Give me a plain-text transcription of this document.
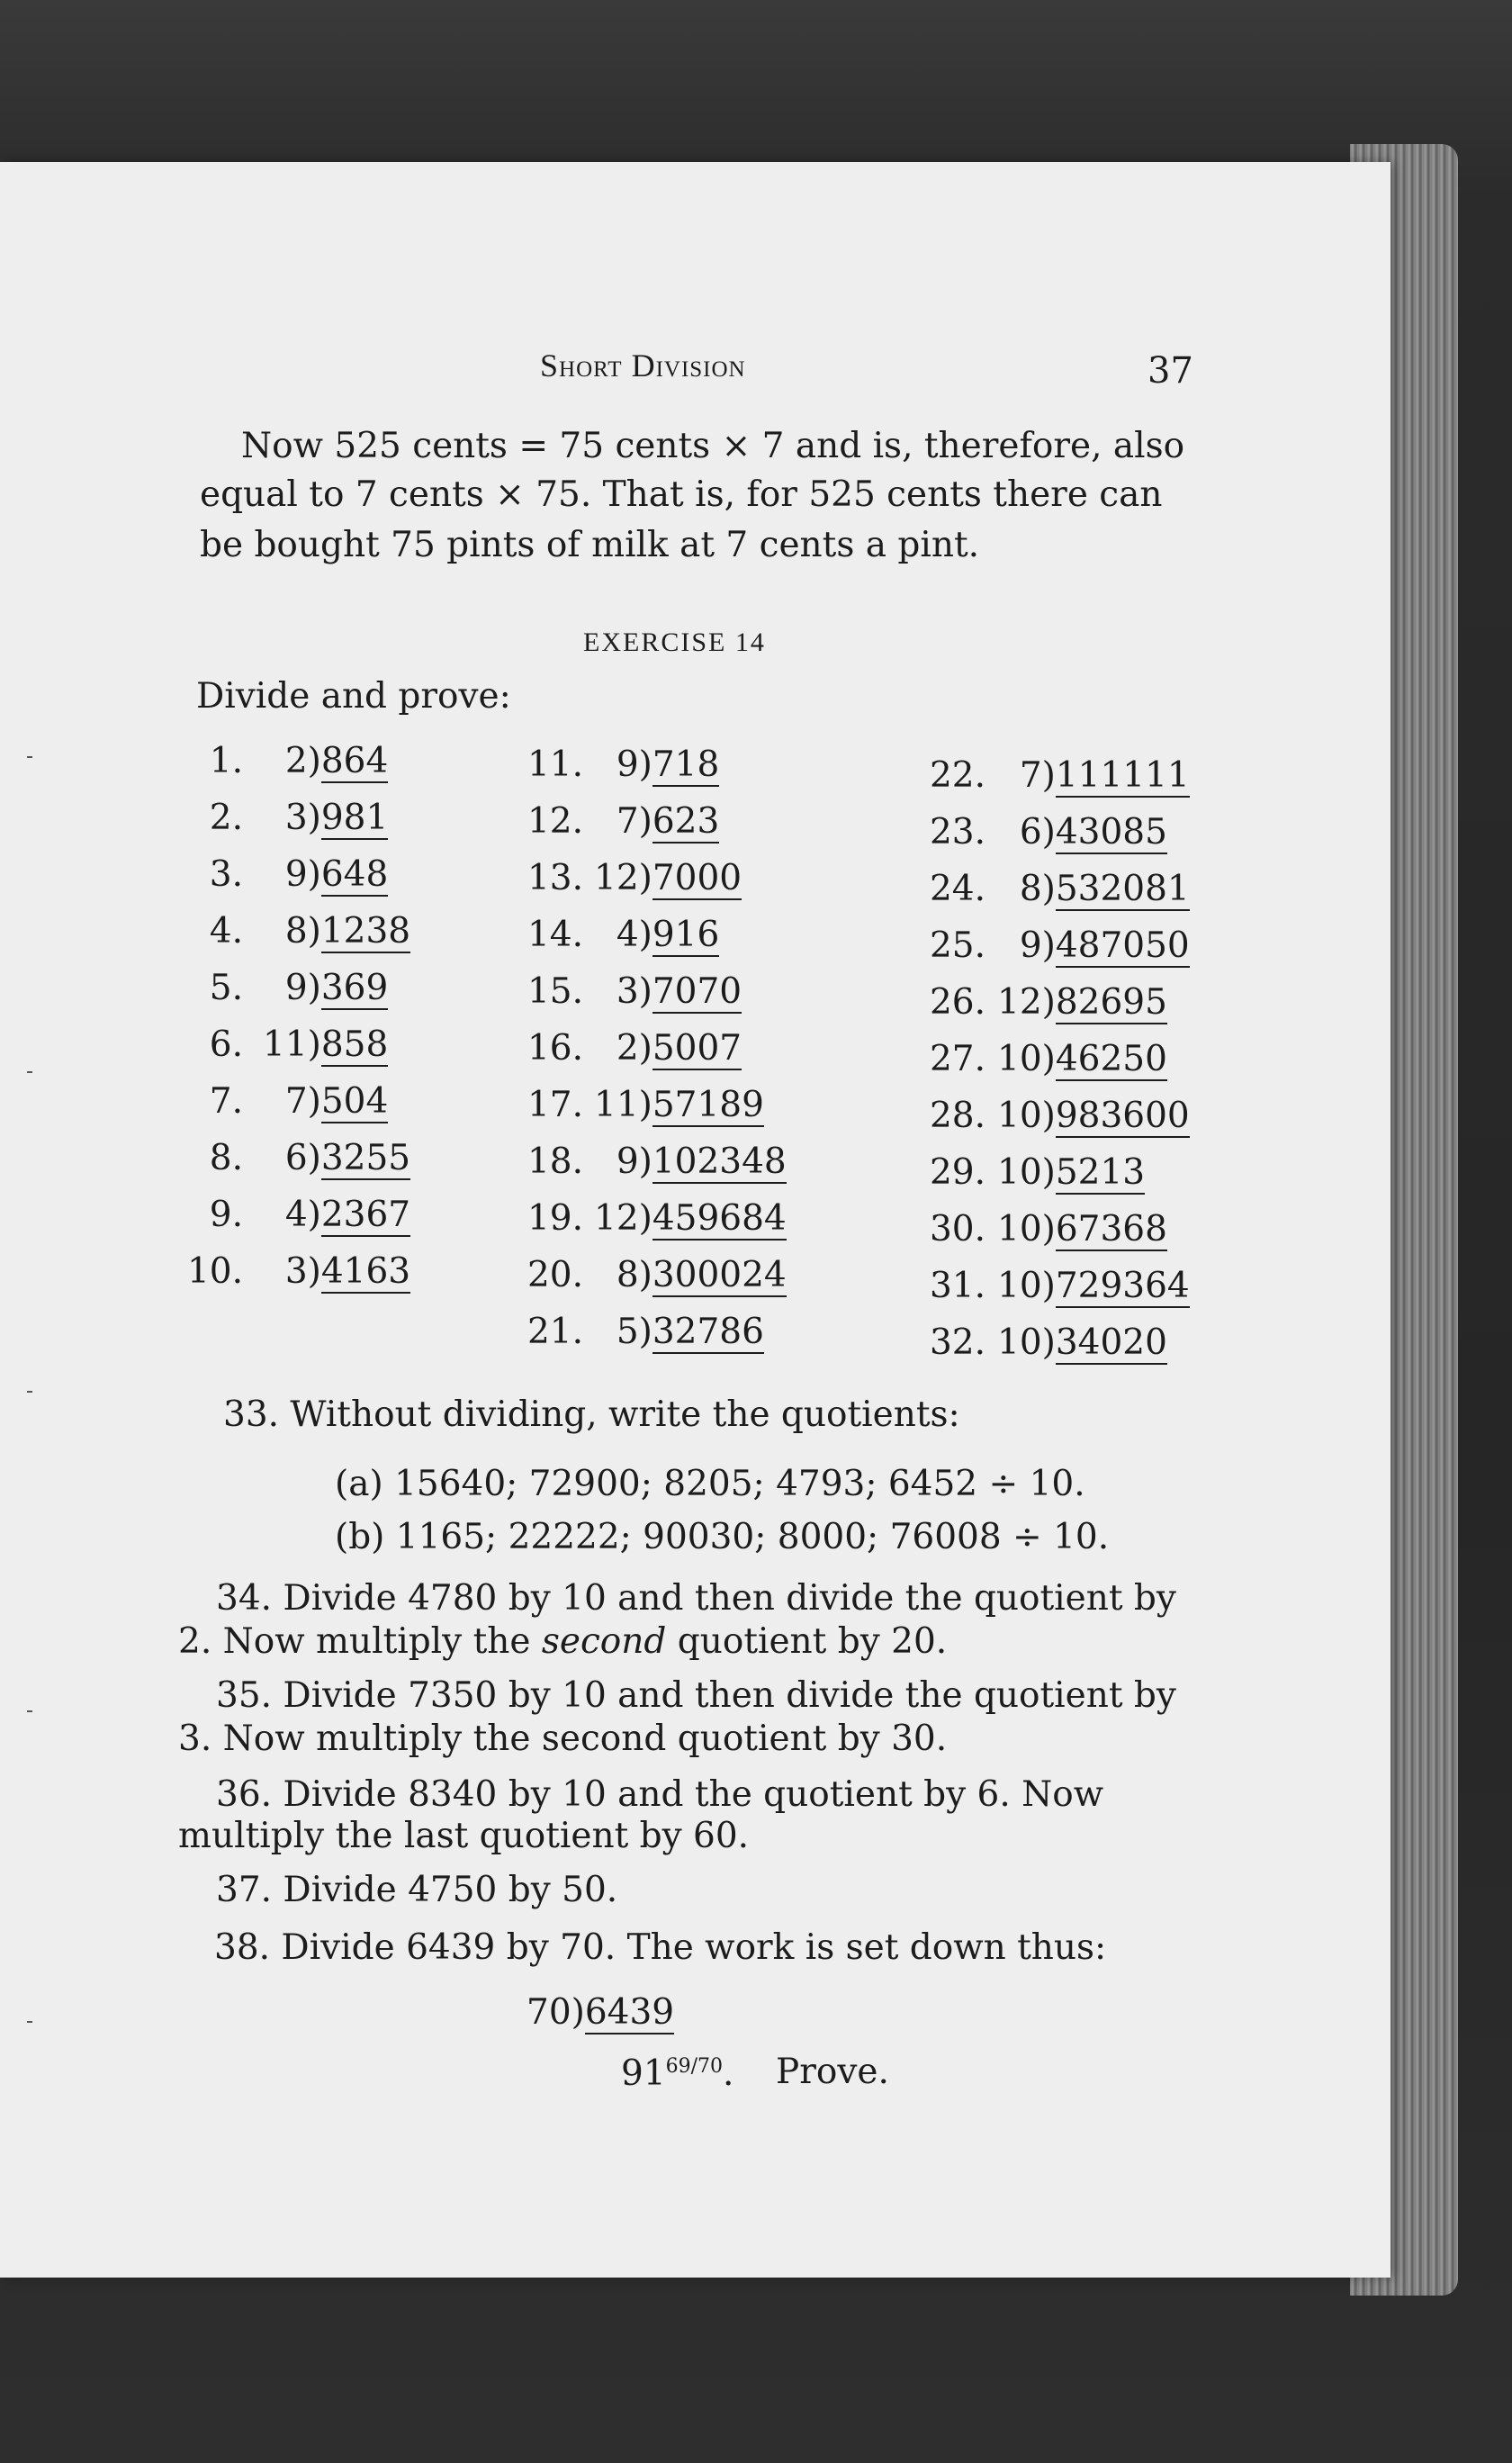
Short Division	37
Now 525 cents = 75 cents × 7 and is, therefore, also
equal to 7 cents × 75. That is, for 525 cents there can
be bought 75 pints of milk at 7 cents a pint.
EXERCISE 14
Divide and prove:
1. 2)864
2. 3)981
3. 9)648
4. 8)1238
5. 9)369
6. 11)858
7. 7)504
8. 6)3255
9. 4)2367
10. 3)4163
11. 9)718
12. 7)623
13. 12)7000
14. 4)916
15. 3)7070
16. 2)5007
17. 11)57189
18. 9)102348
19. 12)459684
20. 8)300024
21. 5)32786
22. 7)111111
23. 6)43085
24. 8)532081
25. 9)487050
26. 12)82695
27. 10)46250
28. 10)983600
29. 10)5213
30. 10)67368
31. 10)729364
32. 10)34020
33. Without dividing, write the quotients:
(a) 15640; 72900; 8205; 4793; 6452 ÷ 10.
(b) 1165; 22222; 90030; 8000; 76008 ÷ 10.
34. Divide 4780 by 10 and then divide the quotient by
2. Now multiply the second quotient by 20.
35. Divide 7350 by 10 and then divide the quotient by
3. Now multiply the second quotient by 30.
36. Divide 8340 by 10 and the quotient by 6. Now
multiply the last quotient by 60.
37. Divide 4750 by 50.
38. Divide 6439 by 70. The work is set down thus:
70)6439
$91^{69/70}$. Prove.
